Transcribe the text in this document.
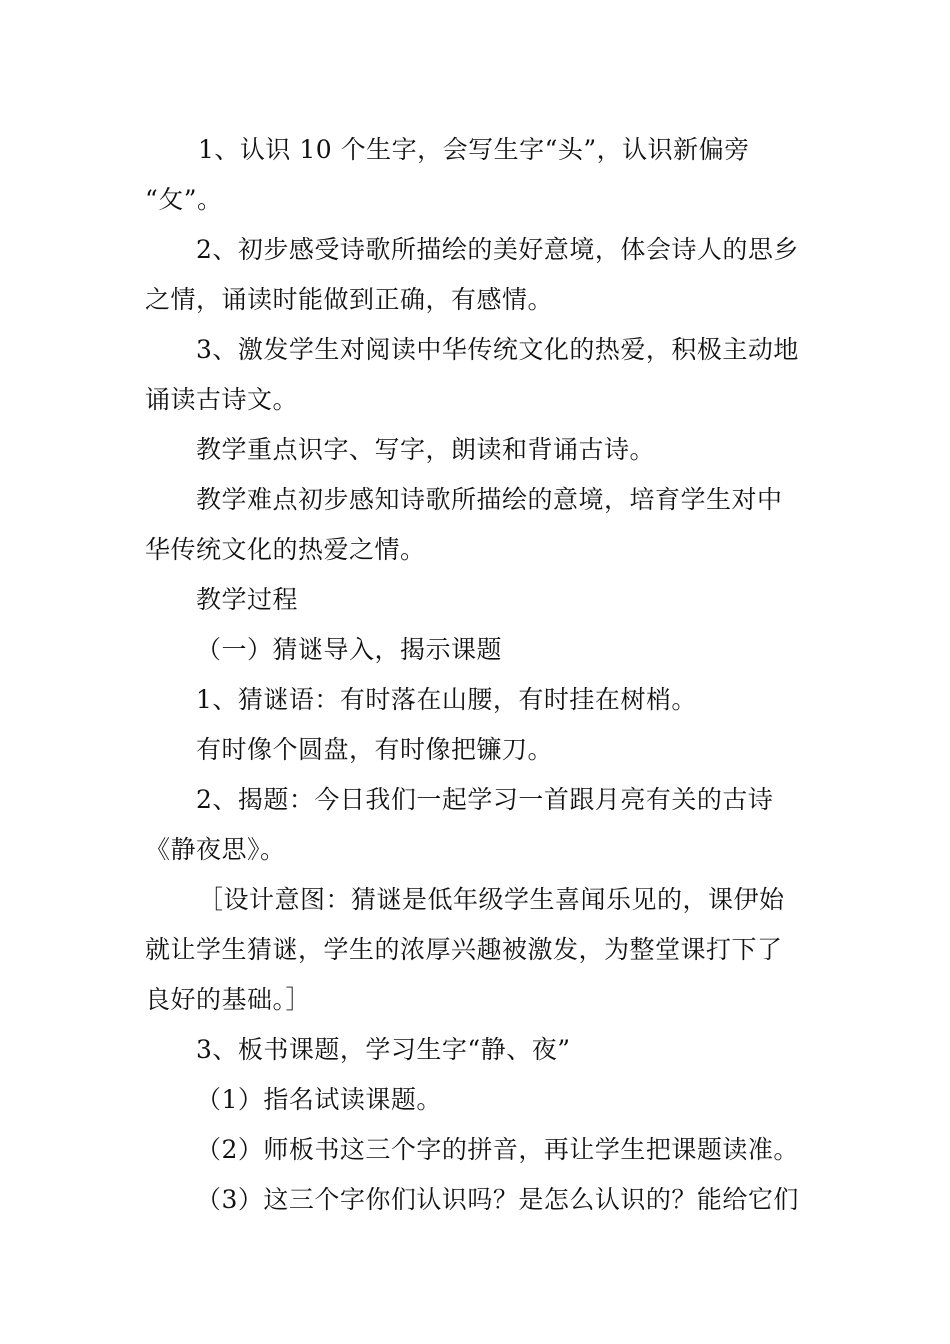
1、认识 10 个生字，会写生字“头”，认识新偏旁
“攵”。
2、初步感受诗歌所描绘的美好意境，体会诗人的思乡
之情，诵读时能做到正确，有感情。
3、激发学生对阅读中华传统文化的热爱，积极主动地
诵读古诗文。
教学重点识字、写字，朗读和背诵古诗。
教学难点初步感知诗歌所描绘的意境，培育学生对中
华传统文化的热爱之情。
教学过程
（一）猜谜导入，揭示课题
1、猜谜语：有时落在山腰，有时挂在树梢。
有时像个圆盘，有时像把镰刀。
2、揭题：今日我们一起学习一首跟月亮有关的古诗
《静夜思》。
［设计意图：猜谜是低年级学生喜闻乐见的，课伊始
就让学生猜谜，学生的浓厚兴趣被激发，为整堂课打下了
良好的基础。］
3、板书课题，学习生字“静、夜”
（1）指名试读课题。
（2）师板书这三个字的拼音，再让学生把课题读准。
（3）这三个字你们认识吗？是怎么认识的？能给它们
